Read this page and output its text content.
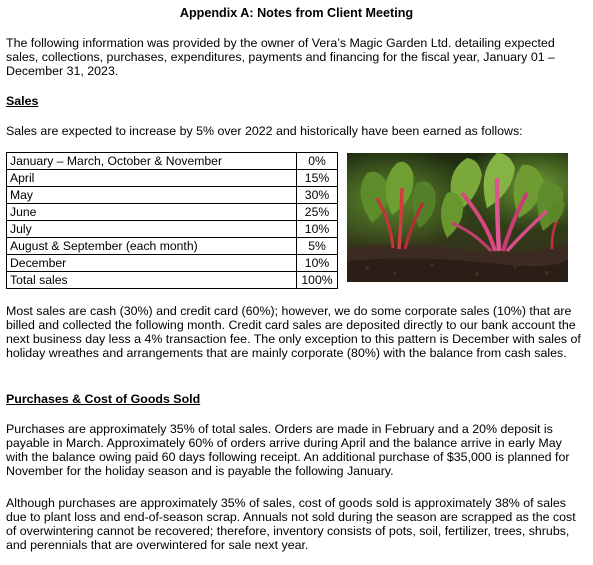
Appendix A: Notes from Client Meeting

The following information was provided by the owner of Vera’s Magic Garden Ltd. detailing expected sales, collections, purchases, expenditures, payments and financing for the fiscal year, January 01 – December 31, 2023.

Sales

Sales are expected to increase by 5% over 2022 and historically have been earned as follows:

January – March, October & November	0%
April	15%
May	30%
June	25%
July	10%
August & September (each month)	5%
December	10%
Total sales	100%

Most sales are cash (30%) and credit card (60%); however, we do some corporate sales (10%) that are billed and collected the following month. Credit card sales are deposited directly to our bank account the next business day less a 4% transaction fee. The only exception to this pattern is December with sales of holiday wreathes and arrangements that are mainly corporate (80%) with the balance from cash sales.

Purchases & Cost of Goods Sold

Purchases are approximately 35% of total sales. Orders are made in February and a 20% deposit is payable in March. Approximately 60% of orders arrive during April and the balance arrive in early May with the balance owing paid 60 days following receipt. An additional purchase of $35,000 is planned for November for the holiday season and is payable the following January.

Although purchases are approximately 35% of sales, cost of goods sold is approximately 38% of sales due to plant loss and end-of-season scrap. Annuals not sold during the season are scrapped as the cost of overwintering cannot be recovered; therefore, inventory consists of pots, soil, fertilizer, trees, shrubs, and perennials that are overwintered for sale next year.
